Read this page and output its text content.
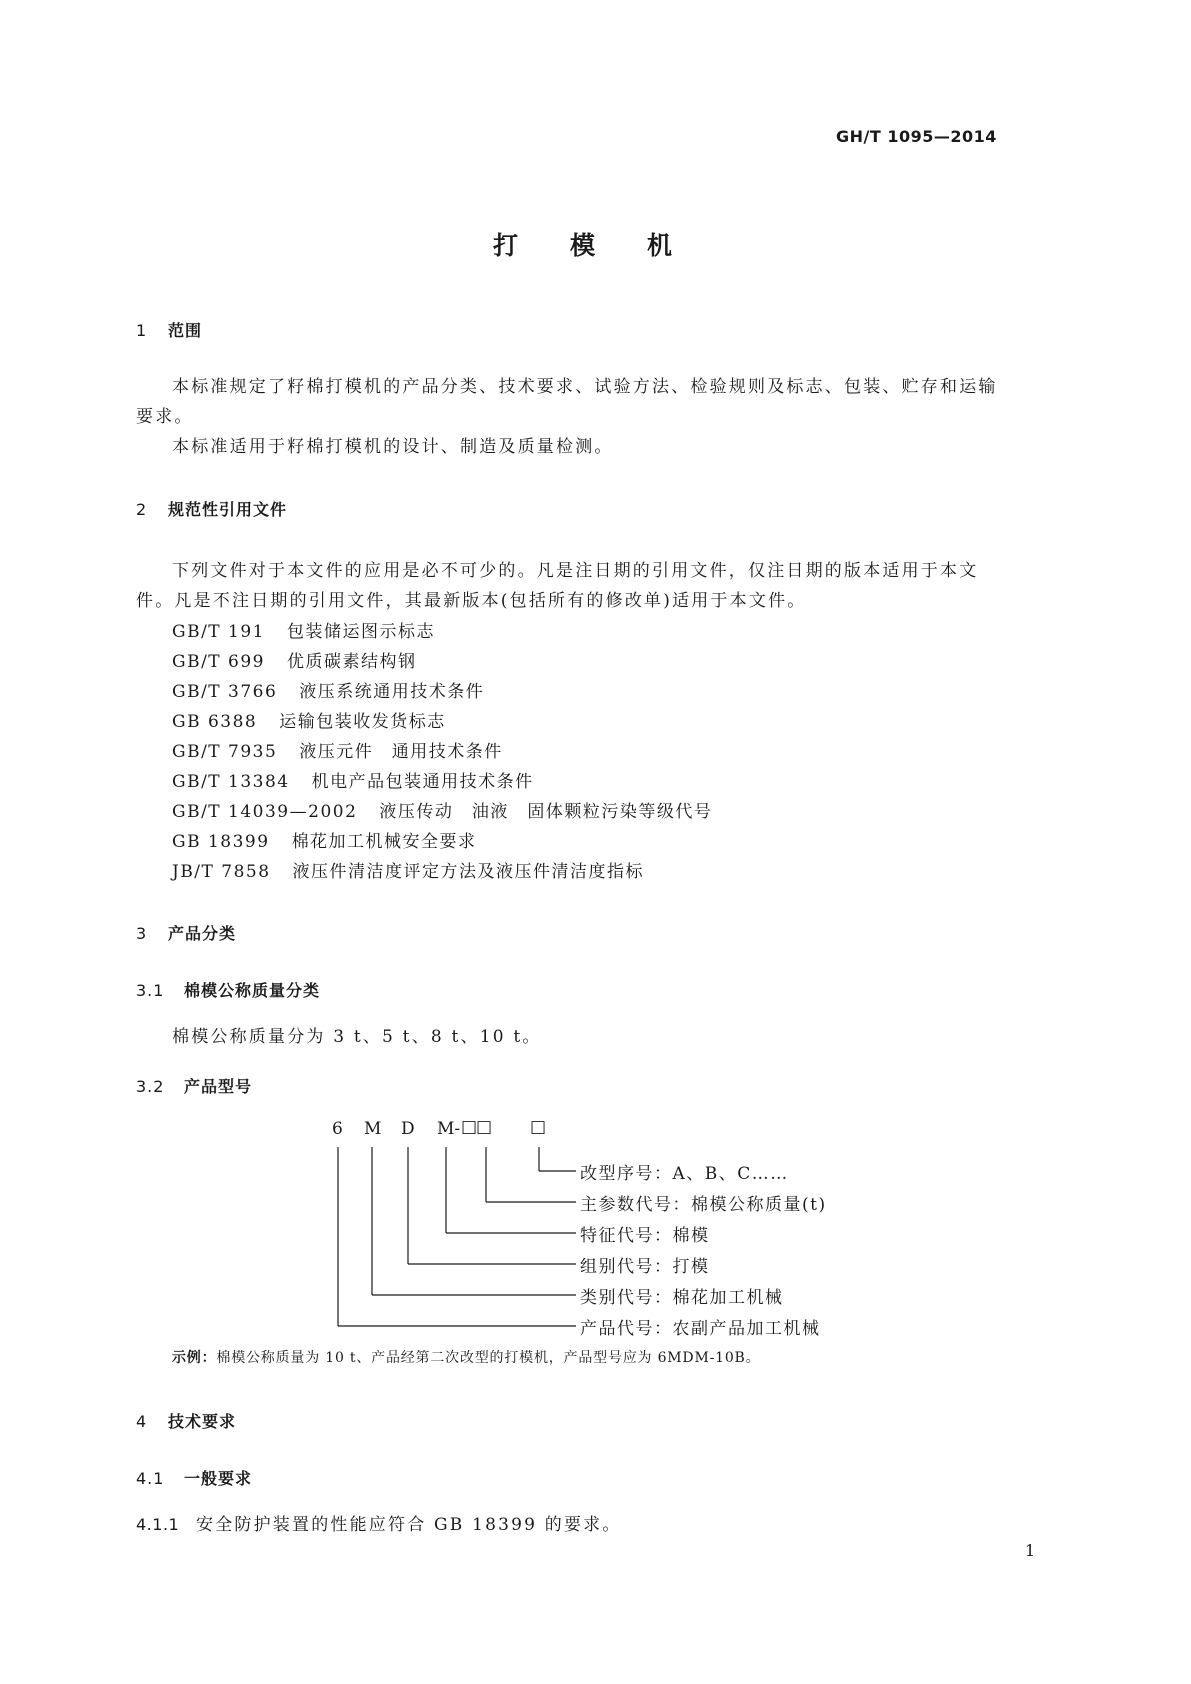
GH/T 1095—2014
打模机
1 范围
本标准规定了籽棉打模机的产品分类、技术要求、试验方法、检验规则及标志、包装、贮存和运输
要求。
本标准适用于籽棉打模机的设计、制造及质量检测。
2 规范性引用文件
下列文件对于本文件的应用是必不可少的。凡是注日期的引用文件，仅注日期的版本适用于本文
件。凡是不注日期的引用文件，其最新版本(包括所有的修改单)适用于本文件。
GB/T 191 包装储运图示标志
GB/T 699 优质碳素结构钢
GB/T 3766 液压系统通用技术条件
GB 6388 运输包装收发货标志
GB/T 7935 液压元件　通用技术条件
GB/T 13384 机电产品包装通用技术条件
GB/T 14039—2002 液压传动　油液　固体颗粒污染等级代号
GB 18399 棉花加工机械安全要求
JB/T 7858 液压件清洁度评定方法及液压件清洁度指标
3 产品分类
3.1 棉模公称质量分类
棉模公称质量分为 3 t、5 t、8 t、10 t。
3.2 产品型号
6 M D M- □□ □
改型序号：A、B、C……
主参数代号：棉模公称质量(t)
特征代号：棉模
组别代号：打模
类别代号：棉花加工机械
产品代号：农副产品加工机械
示例：棉模公称质量为 10 t、产品经第二次改型的打模机，产品型号应为 6MDM-10B。
4 技术要求
4.1 一般要求
4.1.1 安全防护装置的性能应符合 GB 18399 的要求。
1
